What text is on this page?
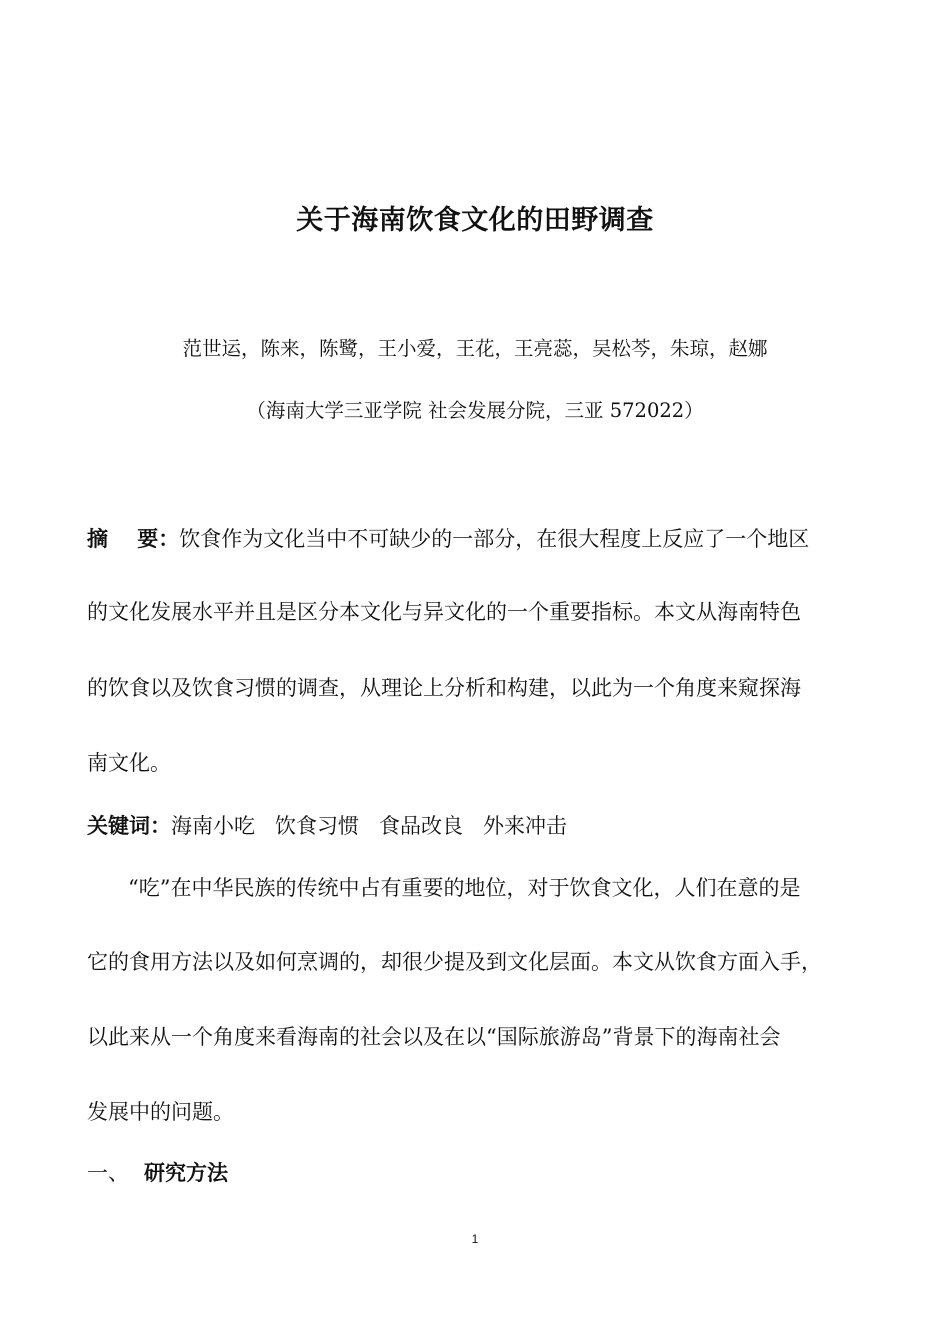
关于海南饮食文化的田野调查
范世运，陈来，陈鹭，王小爱，王花，王亮蕊，吴松芩，朱琼，赵娜
（海南大学三亚学院 社会发展分院，三亚 572022）
摘    要：饮食作为文化当中不可缺少的一部分，在很大程度上反应了一个地区
的文化发展水平并且是区分本文化与异文化的一个重要指标。本文从海南特色
的饮食以及饮食习惯的调查，从理论上分析和构建，以此为一个角度来窥探海
南文化。
关键词：海南小吃 饮食习惯 食品改良 外来冲击
“吃”在中华民族的传统中占有重要的地位，对于饮食文化，人们在意的是
它的食用方法以及如何烹调的，却很少提及到文化层面。本文从饮食方面入手，
以此来从一个角度来看海南的社会以及在以“国际旅游岛”背景下的海南社会
发展中的问题。
一、 研究方法
1
